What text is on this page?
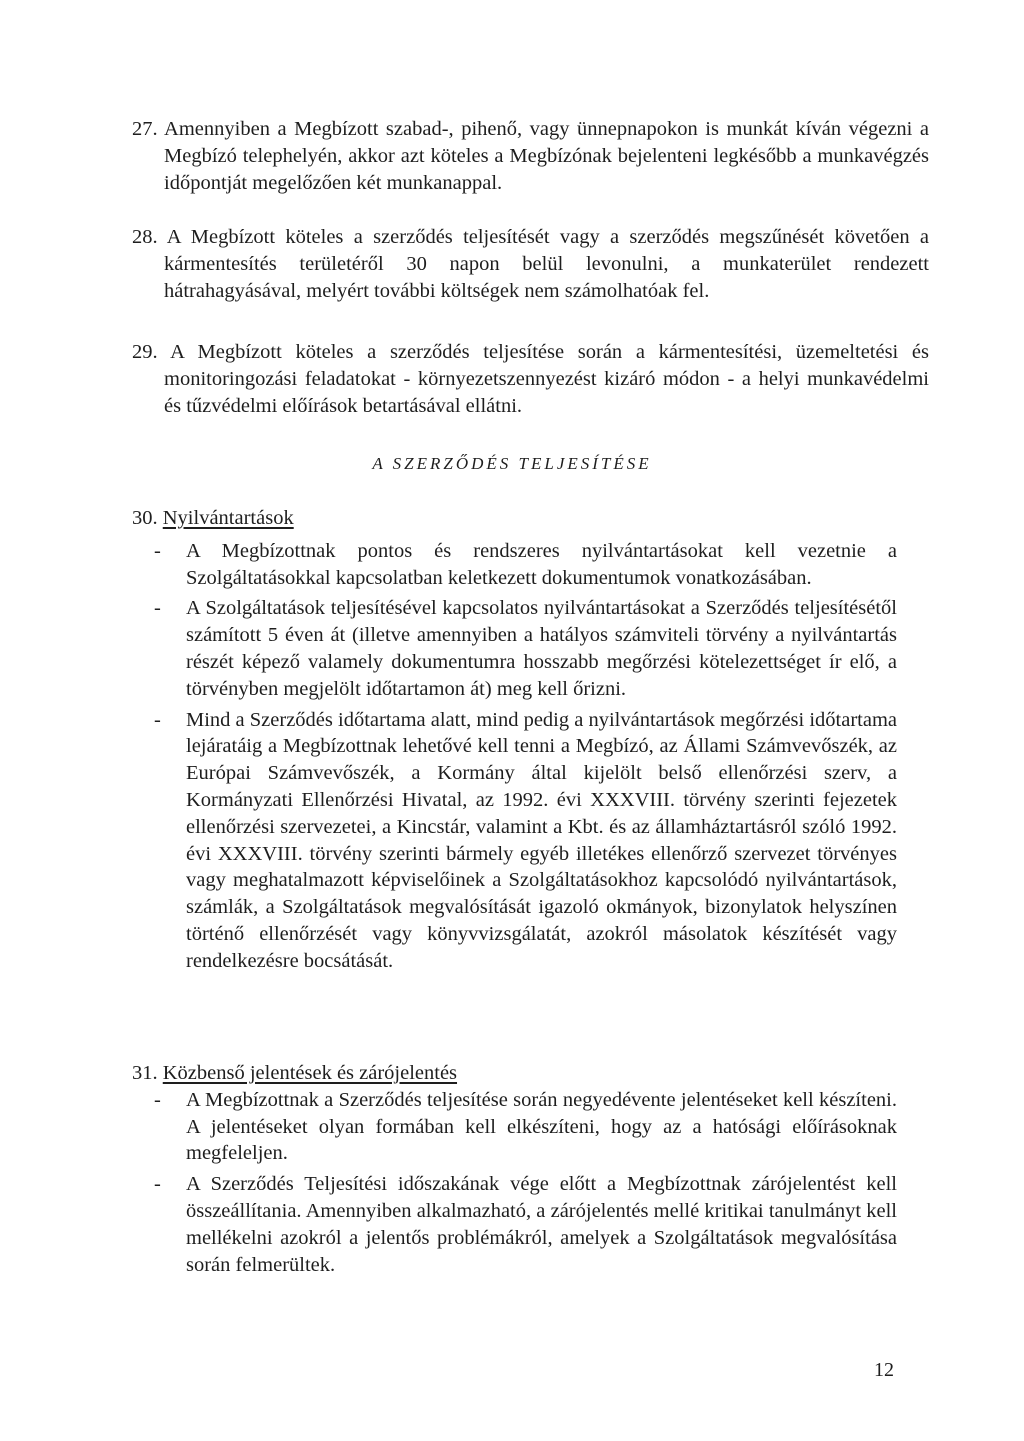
27. Amennyiben a Megbízott szabad-, pihenő, vagy ünnepnapokon is munkát kíván végezni a Megbízó telephelyén, akkor azt köteles a Megbízónak bejelenteni legkésőbb a munkavégzés időpontját megelőzően két munkanappal.
28. A Megbízott köteles a szerződés teljesítését vagy a szerződés megszűnését követően a kármentesítés területéről 30 napon belül levonulni, a munkaterület rendezett hátrahagyásával, melyért további költségek nem számolhatóak fel.
29. A Megbízott köteles a szerződés teljesítése során a kármentesítési, üzemeltetési és monitoringozási feladatokat - környezetszennyezést kizáró módon - a helyi munkavédelmi és tűzvédelmi előírások betartásával ellátni.
A SZERZŐDÉS TELJESÍTÉSE
30. Nyilvántartások
- A Megbízottnak pontos és rendszeres nyilvántartásokat kell vezetnie a Szolgáltatásokkal kapcsolatban keletkezett dokumentumok vonatkozásában.
- A Szolgáltatások teljesítésével kapcsolatos nyilvántartásokat a Szerződés teljesítésétől számított 5 éven át (illetve amennyiben a hatályos számviteli törvény a nyilvántartás részét képező valamely dokumentumra hosszabb megőrzési kötelezettséget ír elő, a törvényben megjelölt időtartamon át) meg kell őrizni.
- Mind a Szerződés időtartama alatt, mind pedig a nyilvántartások megőrzési időtartama lejáratáig a Megbízottnak lehetővé kell tenni a Megbízó, az Állami Számvevőszék, az Európai Számvevőszék, a Kormány által kijelölt belső ellenőrzési szerv, a Kormányzati Ellenőrzési Hivatal, az 1992. évi XXXVIII. törvény szerinti fejezetek ellenőrzési szervezetei, a Kincstár, valamint a Kbt. és az államháztartásról szóló 1992. évi XXXVIII. törvény szerinti bármely egyéb illetékes ellenőrző szervezet törvényes vagy meghatalmazott képviselőinek a Szolgáltatásokhoz kapcsolódó nyilvántartások, számlák, a Szolgáltatások megvalósítását igazoló okmányok, bizonylatok helyszínen történő ellenőrzését vagy könyvvizsgálatát, azokról másolatok készítését vagy rendelkezésre bocsátását.
31. Közbenső jelentések és zárójelentés
- A Megbízottnak a Szerződés teljesítése során negyedévente jelentéseket kell készíteni. A jelentéseket olyan formában kell elkészíteni, hogy az a hatósági előírásoknak megfeleljen.
- A Szerződés Teljesítési időszakának vége előtt a Megbízottnak zárójelentést kell összeállítania. Amennyiben alkalmazható, a zárójelentés mellé kritikai tanulmányt kell mellékelni azokról a jelentős problémákról, amelyek a Szolgáltatások megvalósítása során felmerültek.
12
